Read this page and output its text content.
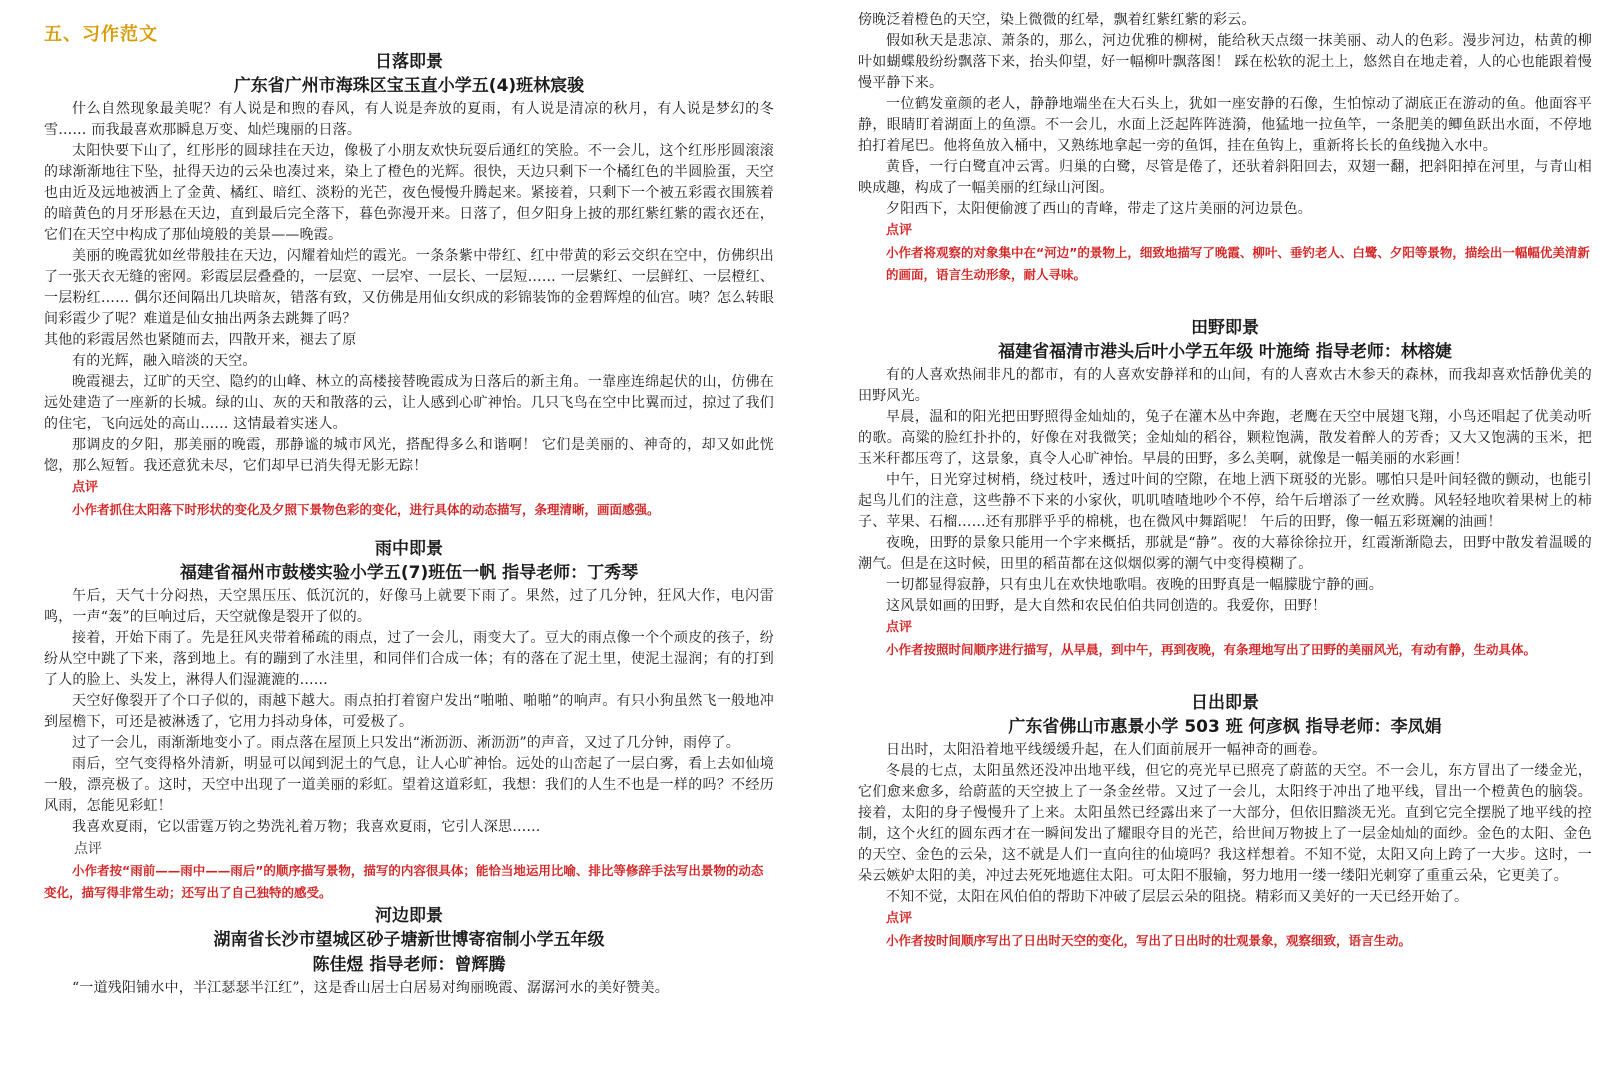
五、习作范文

日落即景

广东省广州市海珠区宝玉直小学五(4)班林宸骏

什么自然现象最美呢？有人说是和煦的春风，有人说是奔放的夏雨，有人说是清凉的秋月，有人说是梦幻的冬雪…… 而我最喜欢那瞬息万变、灿烂瑰丽的日落。

太阳快要下山了，红彤彤的圆球挂在天边，像极了小朋友欢快玩耍后通红的笑脸。不一会儿，这个红彤彤圆滚滚的球渐渐地往下坠，扯得天边的云朵也凑过来，染上了橙色的光辉。很快，天边只剩下一个橘红色的半圆脸蛋，天空也由近及远地被洒上了金黄、橘红、暗红、淡粉的光芒，夜色慢慢升腾起来。紧接着，只剩下一个被五彩霞衣围簇着的暗黄色的月牙形悬在天边，直到最后完全落下，暮色弥漫开来。日落了，但夕阳身上披的那红紫红紫的霞衣还在，它们在天空中构成了那仙境般的美景——晚霞。

美丽的晚霞犹如丝带般挂在天边，闪耀着灿烂的霞光。一条条紫中带红、红中带黄的彩云交织在空中，仿佛织出了一张天衣无缝的密网。彩霞层层叠叠的，一层宽、一层窄、一层长、一层短…… 一层紫红、一层鲜红、一层橙红、一层粉红…… 偶尔还间隔出几块暗灰，错落有致，又仿佛是用仙女织成的彩锦装饰的金碧辉煌的仙宫。咦？怎么转眼间彩霞少了呢？难道是仙女抽出两条去跳舞了吗？

其他的彩霞居然也紧随而去，四散开来，褪去了原

有的光辉，融入暗淡的天空。

晚霞褪去，辽旷的天空、隐约的山峰、林立的高楼接替晚霞成为日落后的新主角。一靠座连绵起伏的山，仿佛在远处建造了一座新的长城。绿的山、灰的天和散落的云，让人感到心旷神怡。几只飞鸟在空中比翼而过，掠过了我们的住宅，飞向远处的高山…… 这情最着实迷人。

那调皮的夕阳，那美丽的晚霞，那静谧的城市风光，搭配得多么和谐啊！ 它们是美丽的、神奇的，却又如此恍惚，那么短暂。我还意犹未尽，它们却早已消失得无影无踪！

点评

小作者抓住太阳落下时形状的变化及夕照下景物色彩的变化，进行具体的动态描写，条理清晰，画面感强。

雨中即景

福建省福州市鼓楼实验小学五(7)班伍一帆 指导老师：丁秀琴

午后，天气十分闷热，天空黑压压、低沉沉的，好像马上就要下雨了。果然，过了几分钟，狂风大作，电闪雷鸣，一声“轰”的巨响过后，天空就像是裂开了似的。

接着，开始下雨了。先是狂风夹带着稀疏的雨点，过了一会儿，雨变大了。豆大的雨点像一个个顽皮的孩子，纷纷从空中跳了下来，落到地上。有的蹦到了水洼里，和同伴们合成一体；有的落在了泥土里，使泥土湿润；有的打到了人的脸上、头发上，淋得人们湿漉漉的……

天空好像裂开了个口子似的，雨越下越大。雨点拍打着窗户发出“啪啪、啪啪”的响声。有只小狗虽然飞一般地冲到屋檐下，可还是被淋透了，它用力抖动身体，可爱极了。

过了一会儿，雨渐渐地变小了。雨点落在屋顶上只发出“淅沥沥、淅沥沥”的声音，又过了几分钟，雨停了。

雨后，空气变得格外清新，明显可以闻到泥土的气息，让人心旷神怡。远处的山峦起了一层白雾，看上去如仙境一般，漂亮极了。这时，天空中出现了一道美丽的彩虹。望着这道彩虹，我想：我们的人生不也是一样的吗？不经历风雨，怎能见彩虹！

我喜欢夏雨，它以雷霆万钧之势洗礼着万物；我喜欢夏雨，它引人深思……

点评

小作者按“雨前——雨中——雨后”的顺序描写景物，描写的内容很具体；能恰当地运用比喻、排比等修辞手法写出景物的动态变化，描写得非常生动；还写出了自己独特的感受。

河边即景

湖南省长沙市望城区砂子塘新世博寄宿制小学五年级

陈佳煜 指导老师：曾辉腾

“一道残阳铺水中，半江瑟瑟半江红”，这是香山居士白居易对绚丽晚霞、潺潺河水的美好赞美。

傍晚泛着橙色的天空，染上微微的红晕，飘着红紫红紫的彩云。

假如秋天是悲凉、萧条的，那么，河边优雅的柳树，能给秋天点缀一抹美丽、动人的色彩。漫步河边，枯黄的柳叶如蝴蝶般纷纷飘落下来，抬头仰望，好一幅柳叶飘落图！ 踩在松软的泥土上，悠然自在地走着，人的心也能跟着慢慢平静下来。

一位鹤发童颜的老人，静静地端坐在大石头上，犹如一座安静的石像，生怕惊动了湖底正在游动的鱼。他面容平静，眼睛盯着湖面上的鱼漂。不一会儿，水面上泛起阵阵涟漪，他猛地一拉鱼竿，一条肥美的鲫鱼跃出水面，不停地拍打着尾巴。他将鱼放入桶中，又熟练地拿起一旁的鱼饵，挂在鱼钩上，重新将长长的鱼线抛入水中。

黄昏，一行白鹭直冲云霄。归巢的白鹭，尽管是倦了，还驮着斜阳回去，双翅一翻，把斜阳掉在河里，与青山相映成趣，构成了一幅美丽的红绿山河图。

夕阳西下，太阳便偷渡了西山的青峰，带走了这片美丽的河边景色。

点评

小作者将观察的对象集中在“河边”的景物上，细致地描写了晚霞、柳叶、垂钓老人、白鹭、夕阳等景物，描绘出一幅幅优美清新的画面，语言生动形象，耐人寻味。

田野即景

福建省福清市港头后叶小学五年级 叶施绮 指导老师：林榕婕

有的人喜欢热闹非凡的都市，有的人喜欢安静祥和的山间，有的人喜欢古木参天的森林，而我却喜欢恬静优美的田野风光。

早晨，温和的阳光把田野照得金灿灿的，兔子在灌木丛中奔跑，老鹰在天空中展翅飞翔，小鸟还唱起了优美动听的歌。高粱的脸红扑扑的，好像在对我微笑；金灿灿的稻谷，颗粒饱满，散发着醉人的芳香；又大又饱满的玉米，把玉米秆都压弯了，这景象，真令人心旷神怡。早晨的田野，多么美啊，就像是一幅美丽的水彩画！

中午，日光穿过树梢，绕过枝叶，透过叶间的空隙，在地上洒下斑驳的光影。哪怕只是叶间轻微的颤动，也能引起鸟儿们的注意，这些静不下来的小家伙，叽叽喳喳地吵个不停，给午后增添了一丝欢腾。风轻轻地吹着果树上的柿子、苹果、石榴……还有那胖乎乎的棉桃，也在微风中舞蹈呢！ 午后的田野，像一幅五彩斑斓的油画！

夜晚，田野的景象只能用一个字来概括，那就是“静”。夜的大幕徐徐拉开，红霞渐渐隐去，田野中散发着温暖的潮气。但是在这时候，田里的稻苗都在这似烟似雾的潮气中变得模糊了。

一切都显得寂静，只有虫儿在欢快地歌唱。夜晚的田野真是一幅朦胧宁静的画。

这风景如画的田野，是大自然和农民伯伯共同创造的。我爱你，田野！

点评

小作者按照时间顺序进行描写，从早晨，到中午，再到夜晚，有条理地写出了田野的美丽风光，有动有静，生动具体。

日出即景

广东省佛山市惠景小学 503 班 何彦枫 指导老师：李凤娟

日出时，太阳沿着地平线缓缓升起，在人们面前展开一幅神奇的画卷。

冬晨的七点，太阳虽然还没冲出地平线，但它的亮光早已照亮了蔚蓝的天空。不一会儿，东方冒出了一缕金光，它们愈来愈多，给蔚蓝的天空披上了一条金丝带。又过了一会儿，太阳终于冲出了地平线，冒出一个橙黄色的脑袋。接着，太阳的身子慢慢升了上来。太阳虽然已经露出来了一大部分，但依旧黯淡无光。直到它完全摆脱了地平线的控制，这个火红的圆东西才在一瞬间发出了耀眼夺目的光芒，给世间万物披上了一层金灿灿的面纱。金色的太阳、金色的天空、金色的云朵，这不就是人们一直向往的仙境吗？我这样想着。不知不觉，太阳又向上跨了一大步。这时，一朵云嫉妒太阳的美，冲过去死死地遮住太阳。可太阳不服输，努力地用一缕一缕阳光刺穿了重重云朵，它更美了。

不知不觉，太阳在风伯伯的帮助下冲破了层层云朵的阻挠。精彩而又美好的一天已经开始了。

点评

小作者按时间顺序写出了日出时天空的变化，写出了日出时的壮观景象，观察细致，语言生动。
